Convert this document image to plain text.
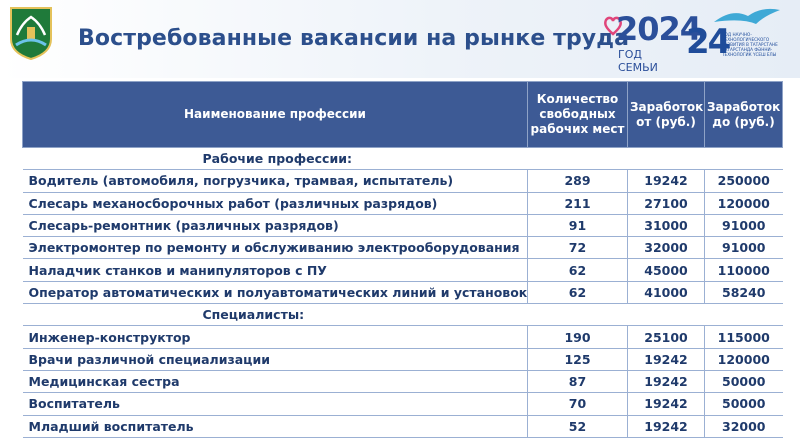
Востребованные вакансии на рынке труда
2024
ГОД СЕМЬИ
24
ГОД НАУЧНО-ТЕХНОЛОГИЧЕСКОГО РАЗВИТИЯ В ТАТАРСТАНЕ ТАТАРСТАНДА ФӘННИ-ТЕХНОЛОГИК ҮСЕШ ЕЛЫ
Наименование профессии	Количество свободных рабочих мест	Заработок от (руб.)	Заработок до (руб.)
Рабочие профессии:			
Водитель (автомобиля, погрузчика, трамвая, испытатель)	289	19242	250000
Слесарь механосборочных работ (различных разрядов)	211	27100	120000
Слесарь-ремонтник (различных разрядов)	91	31000	91000
Электромонтер по ремонту и обслуживанию электрооборудования	72	32000	91000
Наладчик станков и манипуляторов с ПУ	62	45000	110000
Оператор автоматических и полуавтоматических линий и установок	62	41000	58240
Специалисты:			
Инженер-конструктор	190	25100	115000
Врачи различной специализации	125	19242	120000
Медицинская сестра	87	19242	50000
Воспитатель	70	19242	50000
Младший воспитатель	52	19242	32000
